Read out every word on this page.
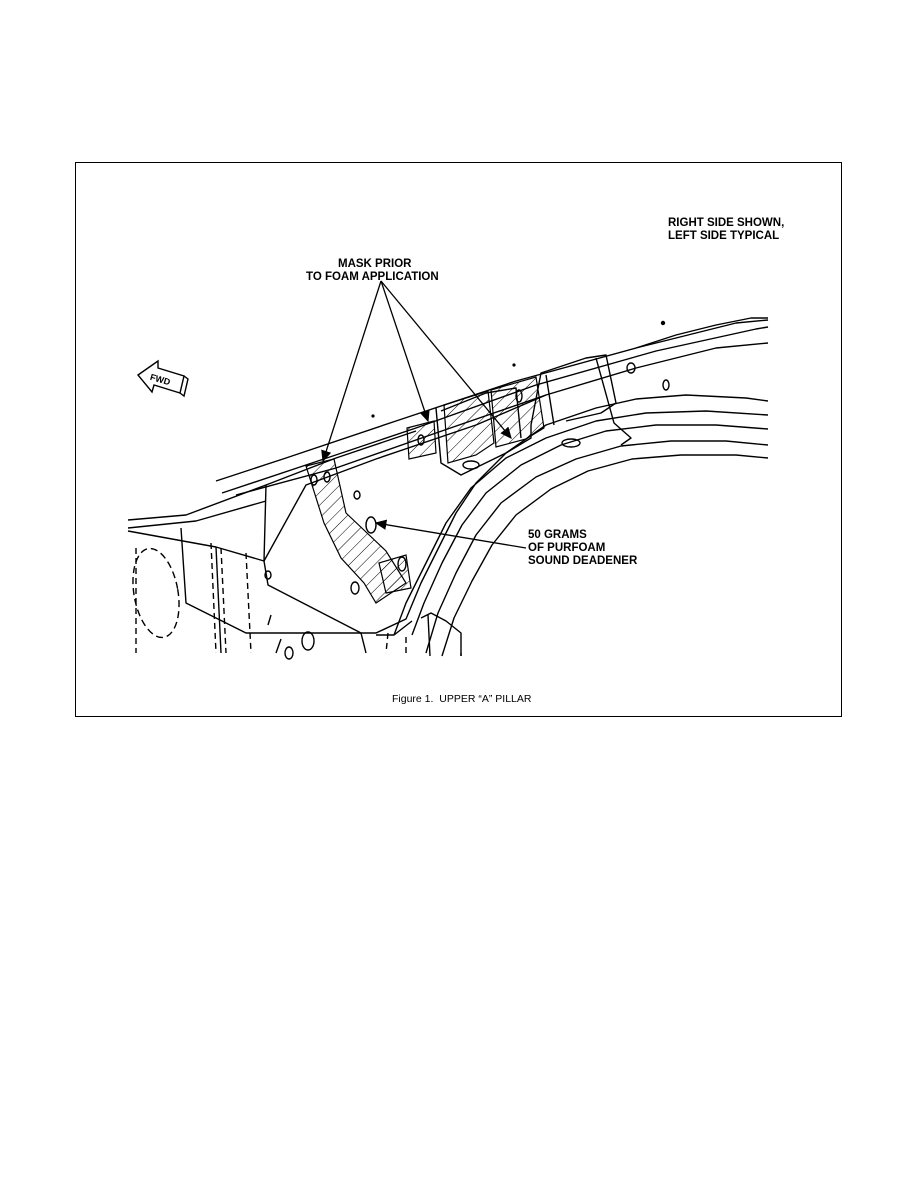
RIGHT SIDE SHOWN,
LEFT SIDE TYPICAL
MASK PRIOR
TO FOAM APPLICATION
50 GRAMS
OF PURFOAM
SOUND DEADENER
FWD
Figure 1.  UPPER “A” PILLAR
